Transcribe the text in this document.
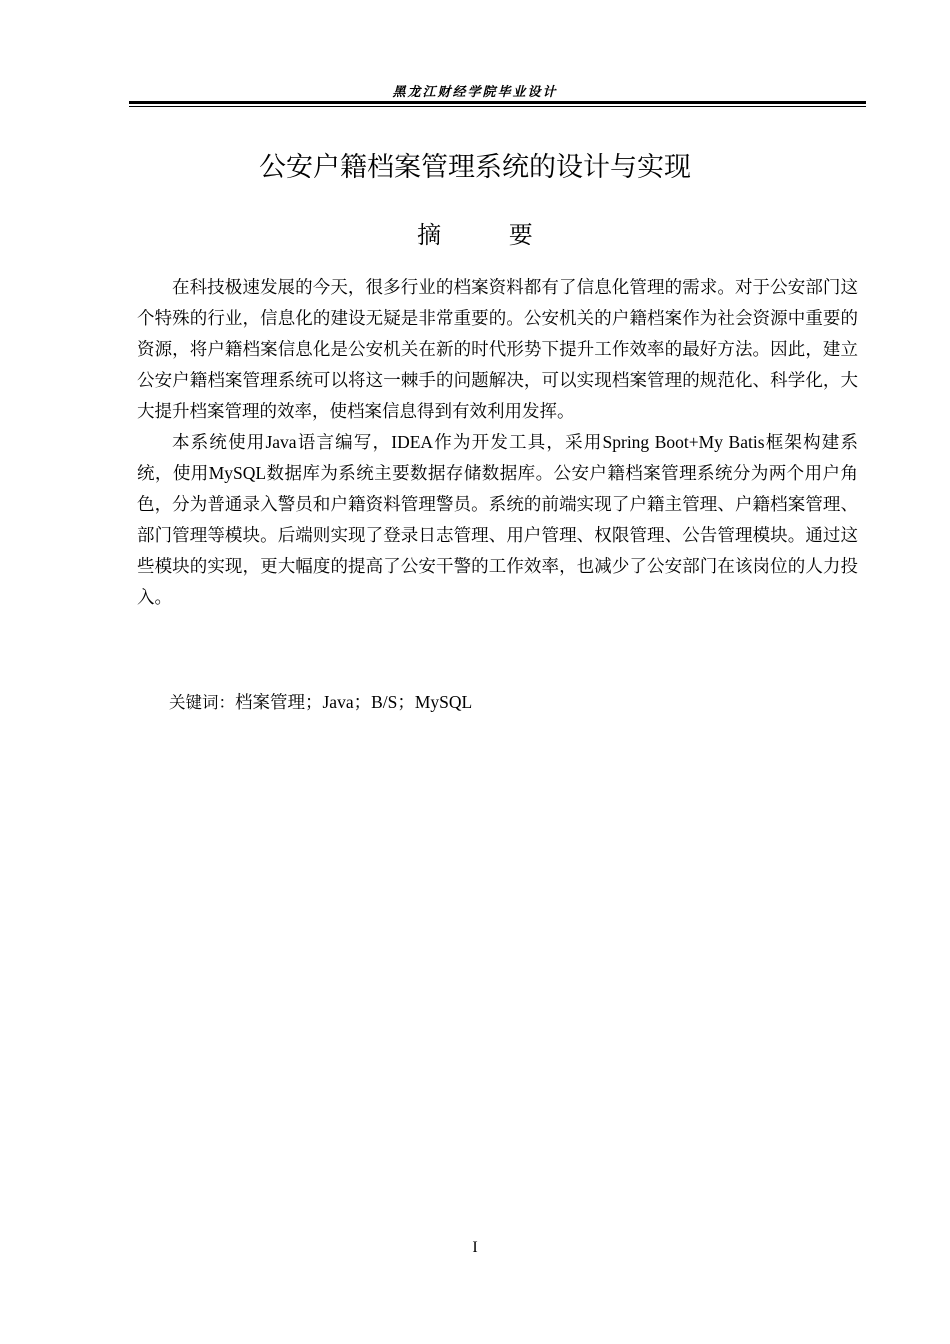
黑龙江财经学院毕业设计
公安户籍档案管理系统的设计与实现
摘 要

在科技极速发展的今天，很多行业的档案资料都有了信息化管理的需求。对于公安部门这个特殊的行业，信息化的建设无疑是非常重要的。公安机关的户籍档案作为社会资源中重要的资源，将户籍档案信息化是公安机关在新的时代形势下提升工作效率的最好方法。因此，建立公安户籍档案管理系统可以将这一棘手的问题解决，可以实现档案管理的规范化、科学化，大大提升档案管理的效率，使档案信息得到有效利用发挥。

本系统使用Java语言编写，IDEA作为开发工具，采用Spring Boot+My Batis框架构建系统，使用MySQL数据库为系统主要数据存储数据库。公安户籍档案管理系统分为两个用户角色，分为普通录入警员和户籍资料管理警员。系统的前端实现了户籍主管理、户籍档案管理、部门管理等模块。后端则实现了登录日志管理、用户管理、权限管理、公告管理模块。通过这些模块的实现，更大幅度的提高了公安干警的工作效率，也减少了公安部门在该岗位的人力投入。

关键词：档案管理；Java；B/S；MySQL
I
